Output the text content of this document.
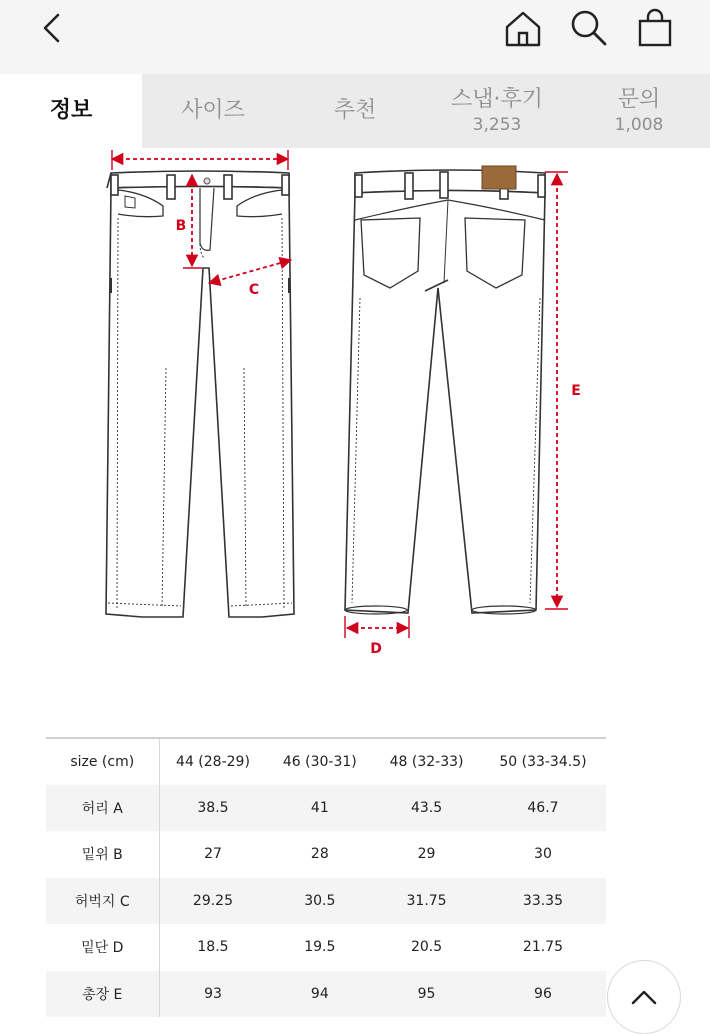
정보	사이즈	추천	스냅·후기
3,253
문의
1,008
B
C
D
E
size (cm)	44 (28-29)	46 (30-31)	48 (32-33)	50 (33-34.5)
허리 A	38.5	41	43.5	46.7
밑위 B	27	28	29	30
허벅지 C	29.25	30.5	31.75	33.35
밑단 D	18.5	19.5	20.5	21.75
총장 E	93	94	95	96
